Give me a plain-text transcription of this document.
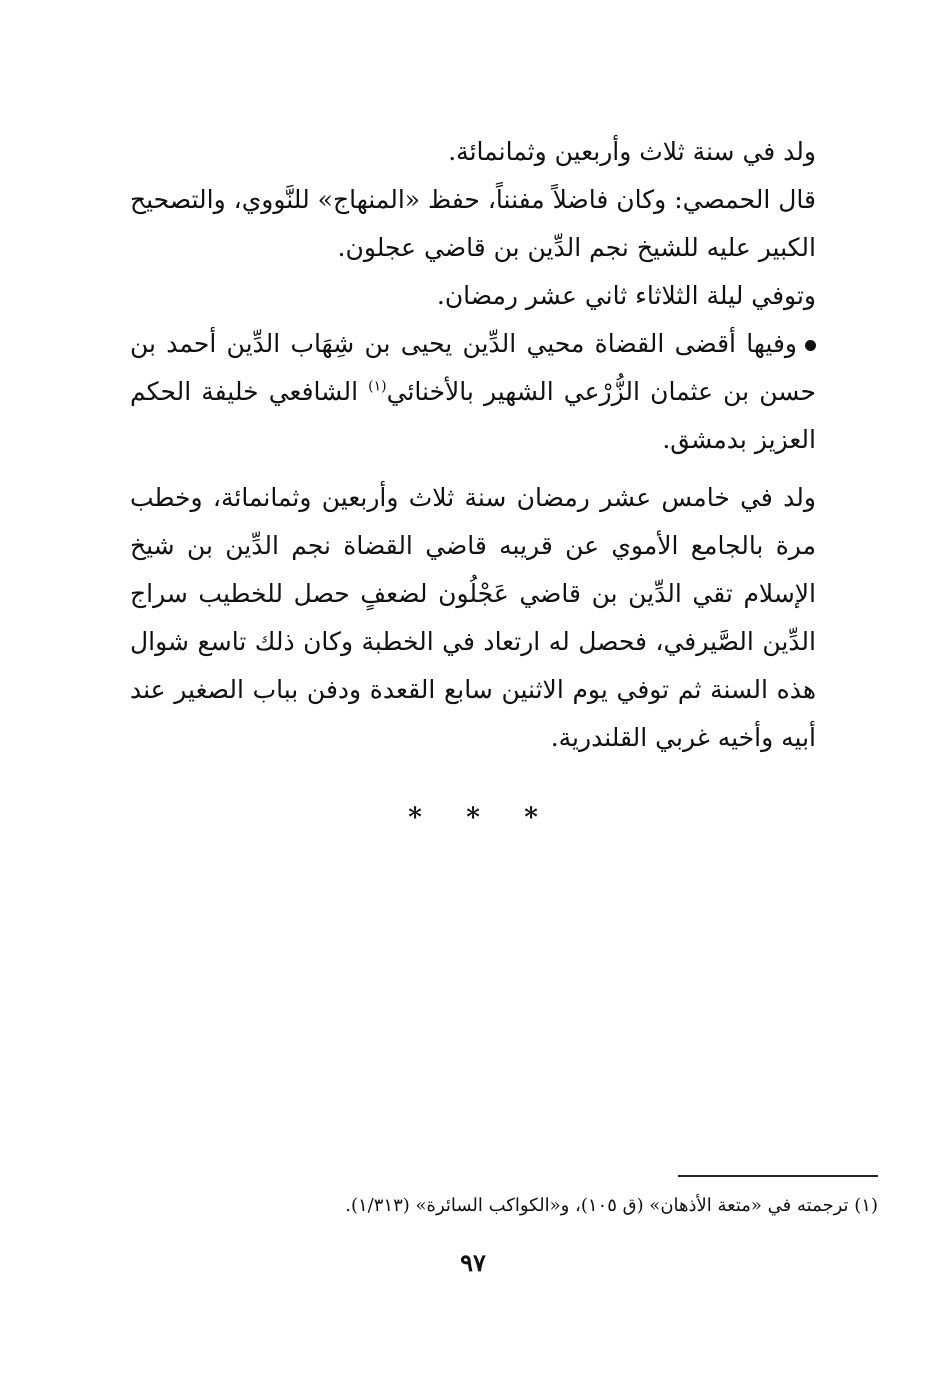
ولد في سنة ثلاث وأربعين وثمانمائة.

قال الحمصي: وكان فاضلاً مفنناً، حفظ «المنهاج» للنَّووي، والتصحيح الكبير عليه للشيخ نجم الدِّين بن قاضي عجلون.

وتوفي ليلة الثلاثاء ثاني عشر رمضان.

وفيها أقضى القضاة محيي الدِّين يحيى بن شِهَاب الدِّين أحمد بن حسن بن عثمان الزُّرْعي الشهير بالأخنائي$^{(١)}$ الشافعي خليفة الحكم العزيز بدمشق.

ولد في خامس عشر رمضان سنة ثلاث وأربعين وثمانمائة، وخطب مرة بالجامع الأموي عن قريبه قاضي القضاة نجم الدِّين بن شيخ الإسلام تقي الدِّين بن قاضي عَجْلُون لضعفٍ حصل للخطيب سراج الدِّين الصَّيرفي، فحصل له ارتعاد في الخطبة وكان ذلك تاسع شوال هذه السنة ثم توفي يوم الاثنين سابع القعدة ودفن بباب الصغير عند أبيه وأخيه غربي القلندرية.

* * *
(١) ترجمته في «متعة الأذهان» (ق ١٠٥)، و«الكواكب السائرة» (١/٣١٣).
٩٧
